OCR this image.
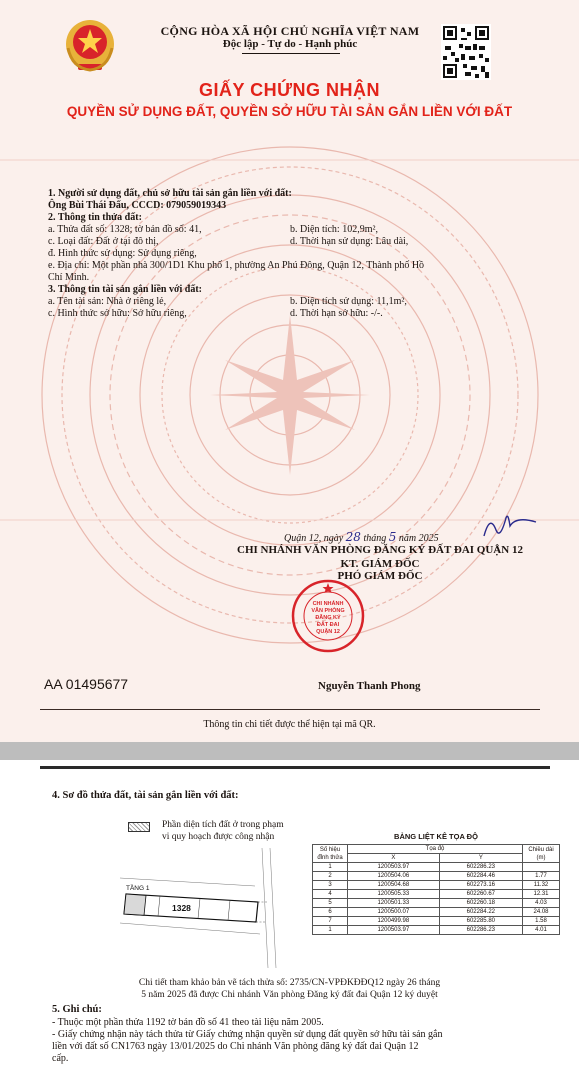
CỘNG HÒA XÃ HỘI CHỦ NGHĨA VIỆT NAM
Độc lập - Tự do - Hạnh phúc
GIẤY CHỨNG NHẬN
QUYỀN SỬ DỤNG ĐẤT, QUYỀN SỞ HỮU TÀI SẢN GẮN LIỀN VỚI ĐẤT
1. Người sử dụng đất, chủ sở hữu tài sản gắn liền với đất:
Ông Bùi Thái Đấu, CCCD: 079059019343
2. Thông tin thửa đất:
a. Thửa đất số: 1328; tờ bản đồ số: 41,	b. Diện tích: 102,9m²,
c. Loại đất: Đất ở tại đô thị,	d. Thời hạn sử dụng: Lâu dài,
đ. Hình thức sử dụng: Sử dụng riêng,
e. Địa chỉ: Một phần nhà 300/1D1 Khu phố 1, phường An Phú Đông, Quận 12, Thành phố Hồ
Chí Minh.
3. Thông tin tài sản gắn liền với đất:
a. Tên tài sản: Nhà ở riêng lẻ,	b. Diện tích sử dụng: 11,1m²,
c. Hình thức sở hữu: Sở hữu riêng,	d. Thời hạn sở hữu: -/-.
Quận 12, ngày 28 tháng 5 năm 2025
CHI NHÁNH VĂN PHÒNG ĐĂNG KÝ ĐẤT ĐAI QUẬN 12
KT. GIÁM ĐỐC
PHÓ GIÁM ĐỐC
CHI NHÁNH
VĂN PHÒNG
ĐĂNG KÝ
ĐẤT ĐAI
QUẬN 12
AA 01495677	Nguyễn Thanh Phong
Thông tin chi tiết được thể hiện tại mã QR.
4. Sơ đồ thửa đất, tài sản gắn liền với đất:
Phần diện tích đất ở trong phạm
vi quy hoạch được công nhận
TẦNG 1
1328
BẢNG LIỆT KÊ TỌA ĐỘ
Số hiệu đỉnh thửa	Tọa độ		Chiều dài (m)
	X	Y	
1	1200503.97	602286.23	
2	1200504.06	602284.46	1.77
3	1200504.68	602273.16	11.32
4	1200505.33	602260.67	12.31
5	1200501.33	602260.18	4.03
6	1200500.07	602284.22	24.08
7	1200499.98	602285.80	1.58
1	1200503.97	602286.23	4.01
Chi tiết tham khảo bản vẽ tách thửa số: 2735/CN-VPĐKĐĐQ12 ngày 26 tháng
5 năm 2025 đã được Chi nhánh Văn phòng Đăng ký đất đai Quận 12 ký duyệt
5. Ghi chú:
- Thuộc một phần thửa 1192 tờ bản đồ số 41 theo tài liệu năm 2005.
- Giấy chứng nhận này tách thửa từ Giấy chứng nhận quyền sử dụng đất quyền sở hữu tài sản gắn
liền với đất số CN1763 ngày 13/01/2025 do Chi nhánh Văn phòng đăng ký đất đai Quận 12
cấp.
